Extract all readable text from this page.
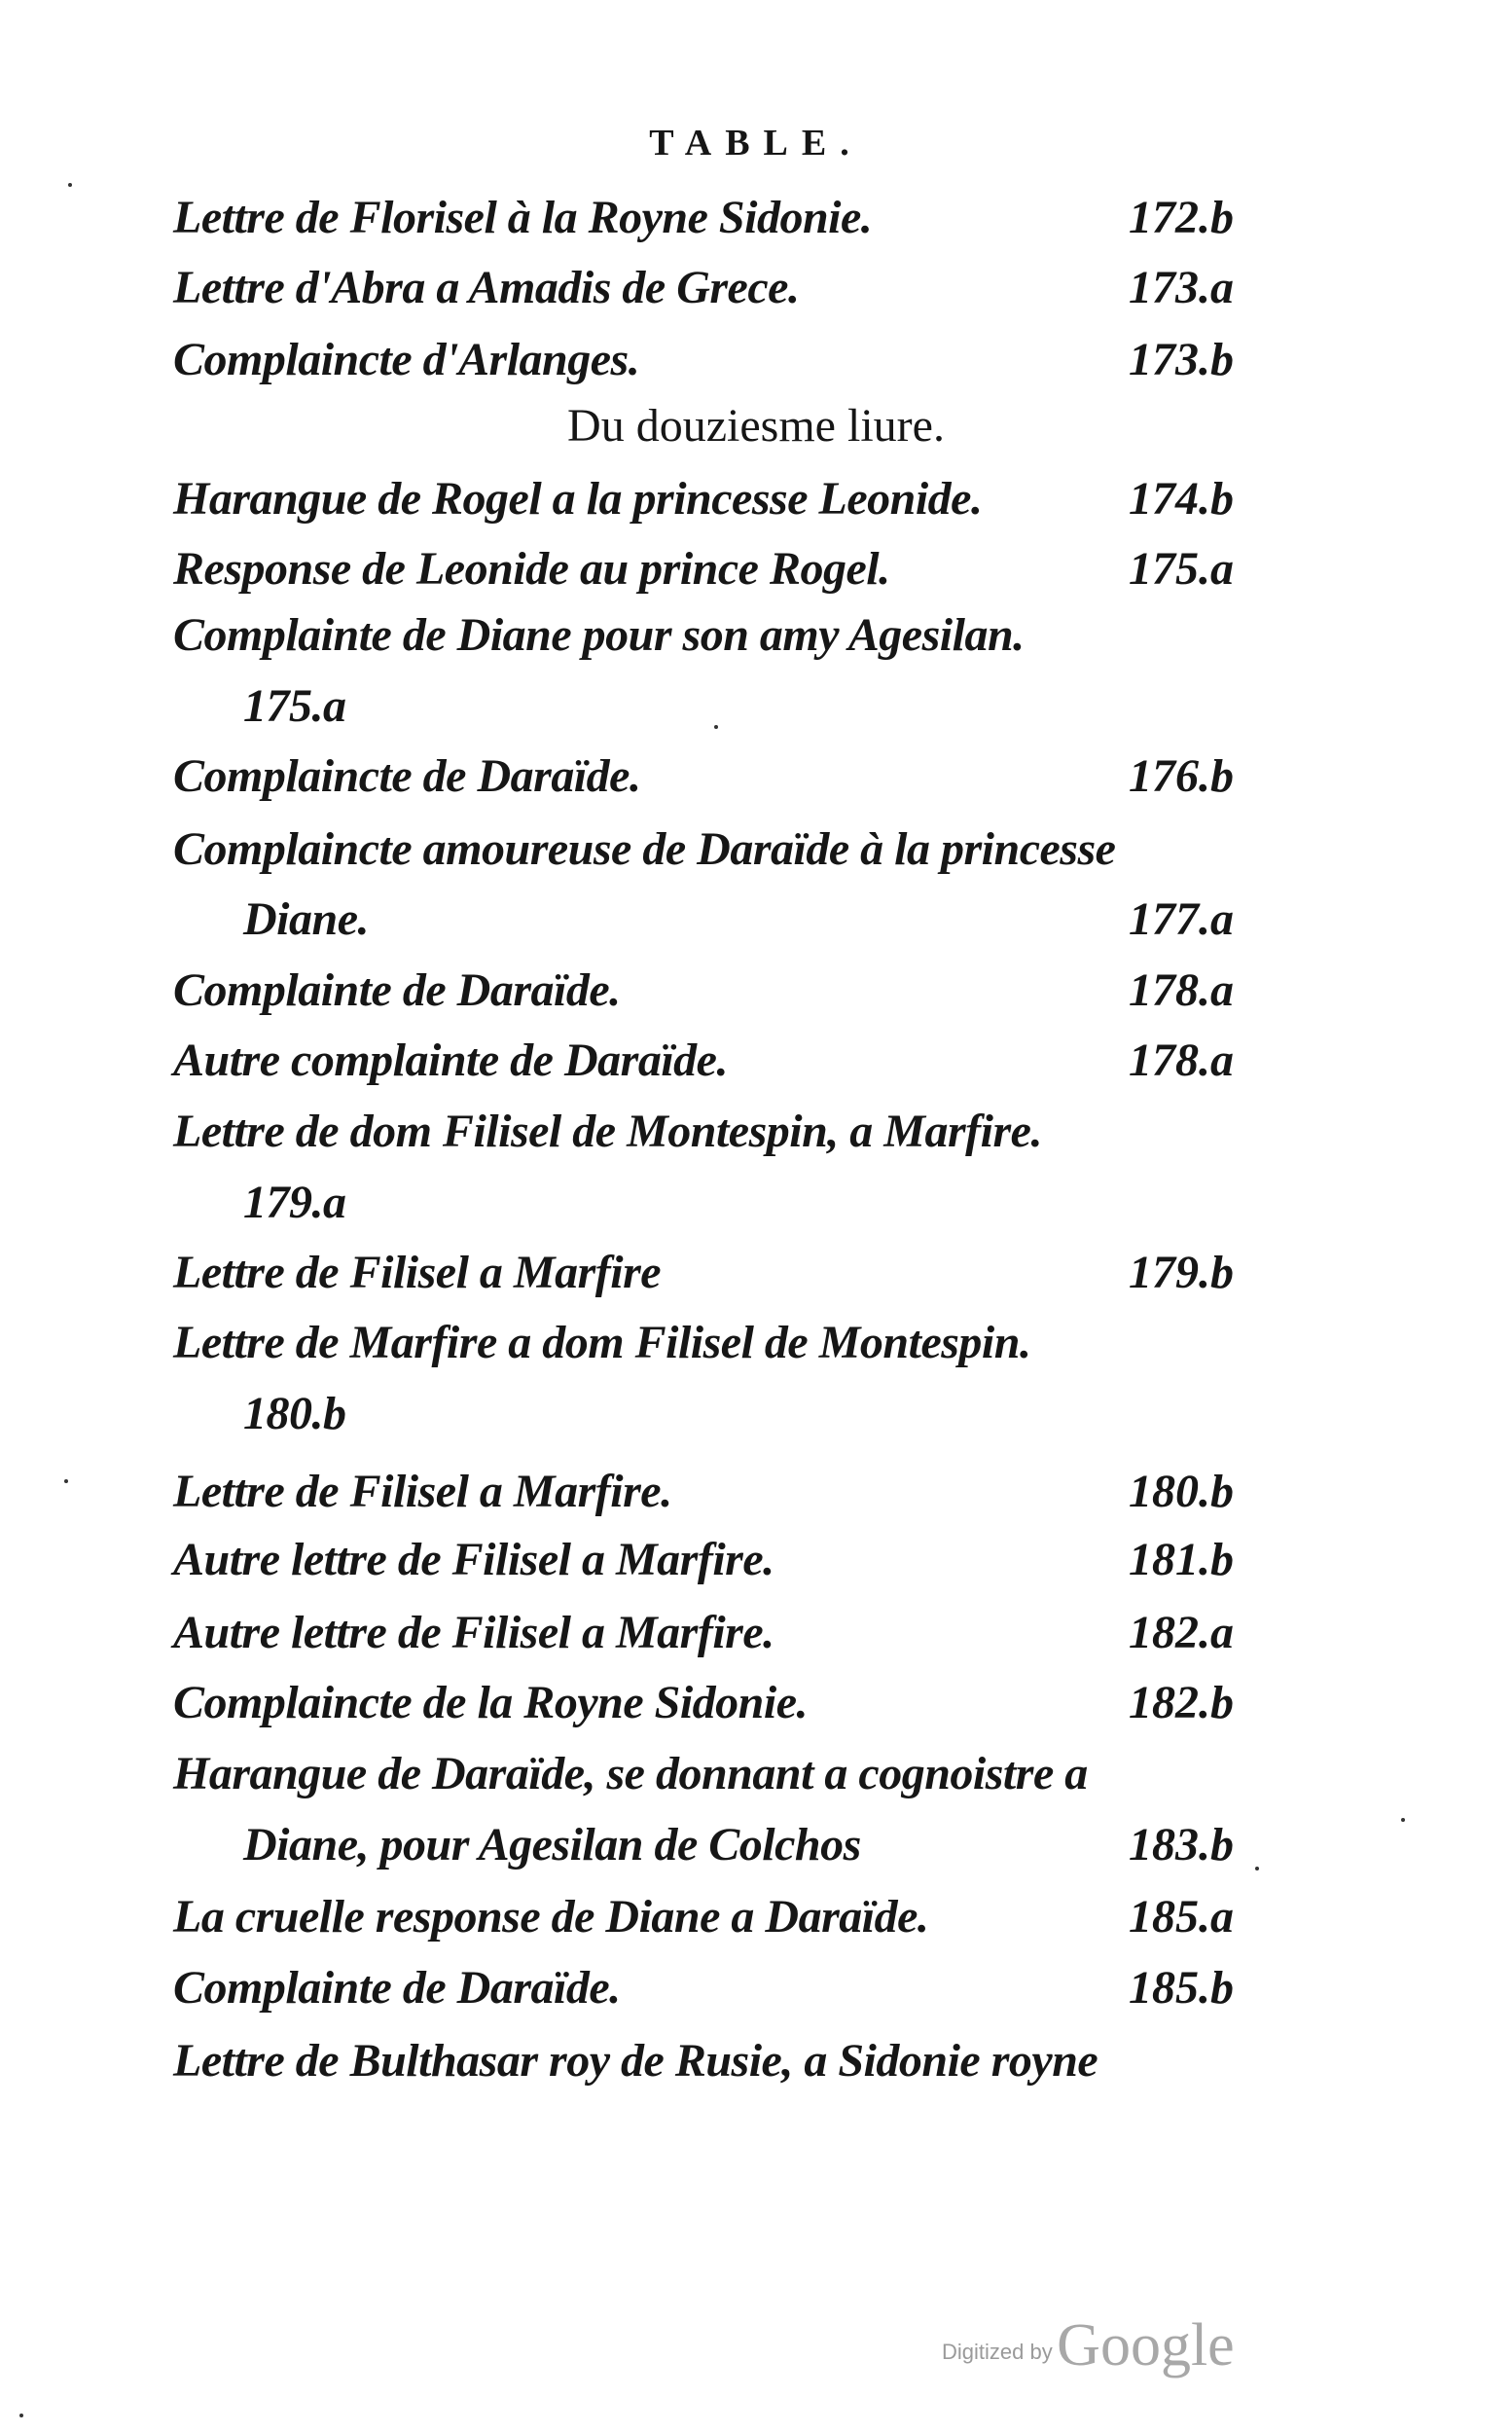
TABLE.
Lettre de Florisel à la Royne Sidonie.	172.b
Lettre d'Abra a Amadis de Grece.	173.a
Complaincte d'Arlanges.	173.b
Du douziesme liure.
Harangue de Rogel a la princesse Leonide.	174.b
Response de Leonide au prince Rogel.	175.a
Complainte de Diane pour son amy Agesilan.
175.a
Complaincte de Daraïde.	176.b
Complaincte amoureuse de Daraïde à la princesse
Diane.	177.a
Complainte de Daraïde.	178.a
Autre complainte de Daraïde.	178.a
Lettre de dom Filisel de Montespin, a Marfire.
179.a
Lettre de Filisel a Marfire	179.b
Lettre de Marfire a dom Filisel de Montespin.
180.b
Lettre de Filisel a Marfire.	180.b
Autre lettre de Filisel a Marfire.	181.b
Autre lettre de Filisel a Marfire.	182.a
Complaincte de la Royne Sidonie.	182.b
Harangue de Daraïde, se donnant a cognoistre a
Diane, pour Agesilan de Colchos	183.b
La cruelle response de Diane a Daraïde.	185.a
Complainte de Daraïde.	185.b
Lettre de Bulthasar roy de Rusie, a Sidonie royne
Digitized by Google
